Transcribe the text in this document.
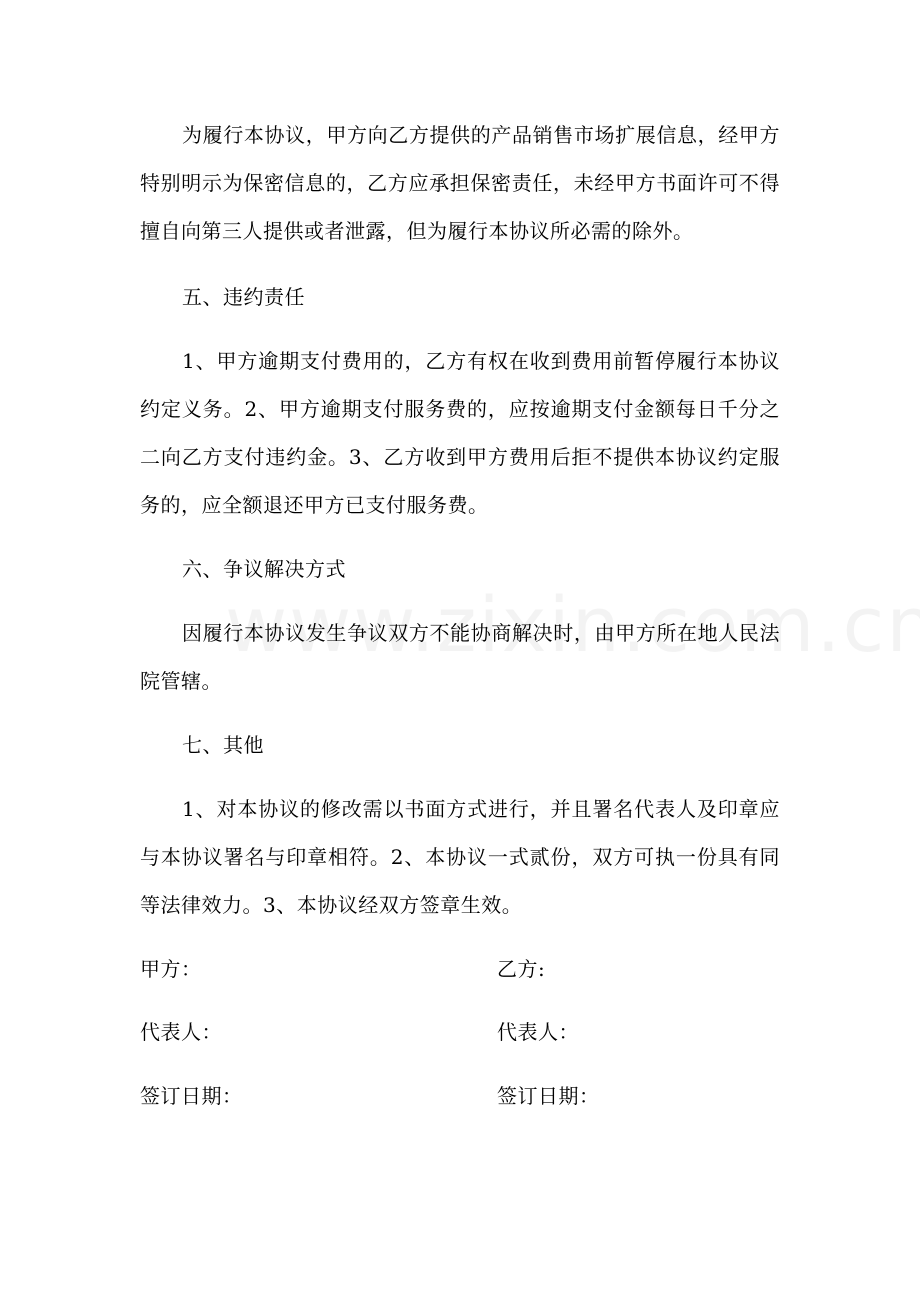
为履行本协议，甲方向乙方提供的产品销售市场扩展信息，经甲方特别明示为保密信息的，乙方应承担保密责任，未经甲方书面许可不得擅自向第三人提供或者泄露，但为履行本协议所必需的除外。

五、违约责任

1、甲方逾期支付费用的，乙方有权在收到费用前暂停履行本协议约定义务。2、甲方逾期支付服务费的，应按逾期支付金额每日千分之二向乙方支付违约金。3、乙方收到甲方费用后拒不提供本协议约定服务的，应全额退还甲方已支付服务费。

六、争议解决方式

因履行本协议发生争议双方不能协商解决时，由甲方所在地人民法院管辖。

七、其他

1、对本协议的修改需以书面方式进行，并且署名代表人及印章应与本协议署名与印章相符。2、本协议一式贰份，双方可执一份具有同等法律效力。3、本协议经双方签章生效。

甲方：	乙方:

代表人：	代表人：

签订日期：	签订日期：
